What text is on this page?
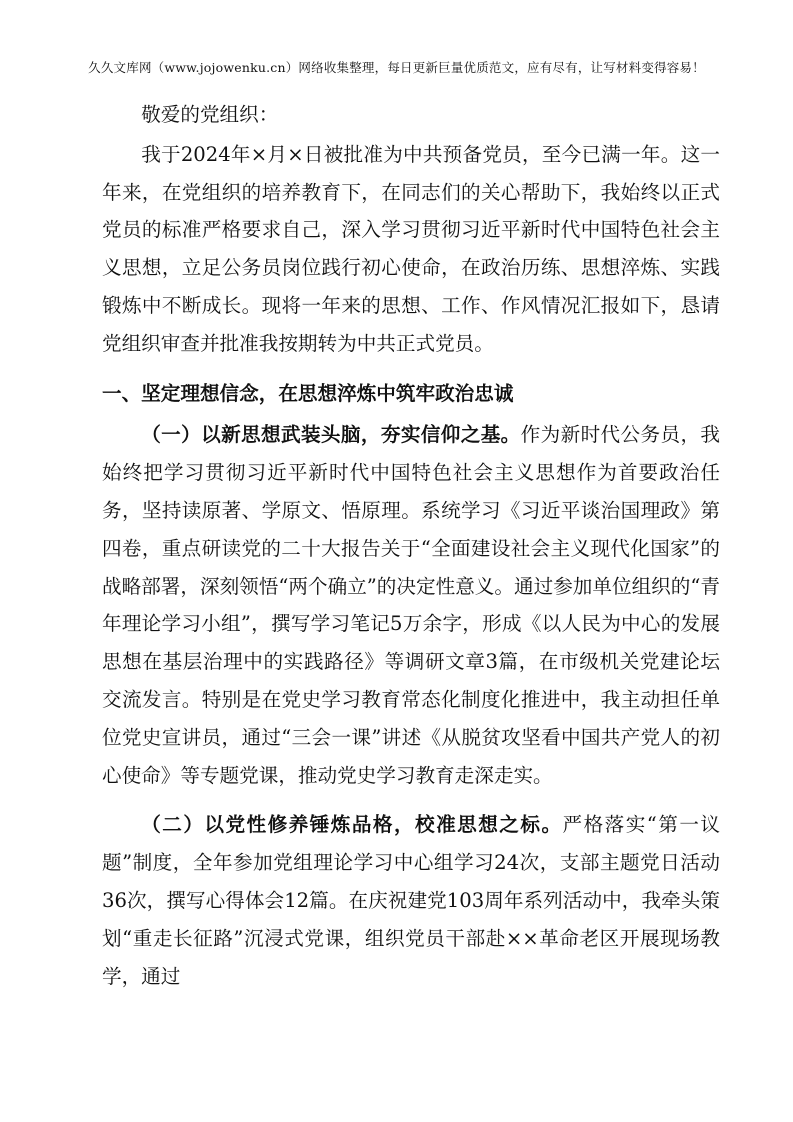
久久文库网（www.jojowenku.cn）网络收集整理，每日更新巨量优质范文，应有尽有，让写材料变得容易！

敬爱的党组织：

我于2024年×月×日被批准为中共预备党员，至今已满一年。这一年来，在党组织的培养教育下，在同志们的关心帮助下，我始终以正式党员的标准严格要求自己，深入学习贯彻习近平新时代中国特色社会主义思想，立足公务员岗位践行初心使命，在政治历练、思想淬炼、实践锻炼中不断成长。现将一年来的思想、工作、作风情况汇报如下，恳请党组织审查并批准我按期转为中共正式党员。

一、坚定理想信念，在思想淬炼中筑牢政治忠诚

（一）以新思想武装头脑，夯实信仰之基。作为新时代公务员，我始终把学习贯彻习近平新时代中国特色社会主义思想作为首要政治任务，坚持读原著、学原文、悟原理。系统学习《习近平谈治国理政》第四卷，重点研读党的二十大报告关于“全面建设社会主义现代化国家”的战略部署，深刻领悟“两个确立”的决定性意义。通过参加单位组织的“青年理论学习小组”，撰写学习笔记5万余字，形成《以人民为中心的发展思想在基层治理中的实践路径》等调研文章3篇，在市级机关党建论坛交流发言。特别是在党史学习教育常态化制度化推进中，我主动担任单位党史宣讲员，通过“三会一课”讲述《从脱贫攻坚看中国共产党人的初心使命》等专题党课，推动党史学习教育走深走实。

（二）以党性修养锤炼品格，校准思想之标。严格落实“第一议题”制度，全年参加党组理论学习中心组学习24次，支部主题党日活动36次，撰写心得体会12篇。在庆祝建党103周年系列活动中，我牵头策划“重走长征路”沉浸式党课，组织党员干部赴××革命老区开展现场教学，通过
